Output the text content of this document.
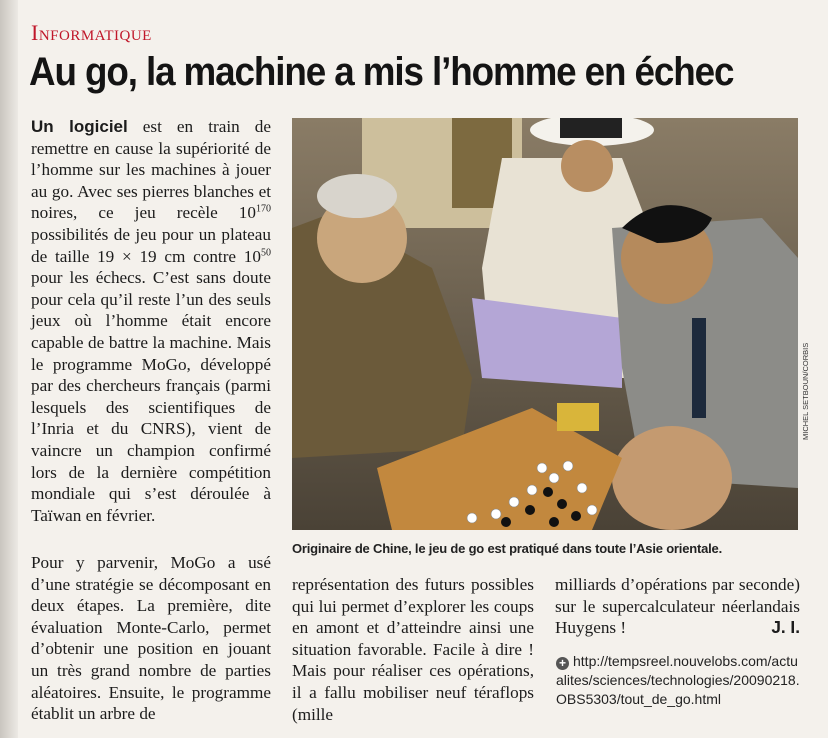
Informatique
Au go, la machine a mis l’homme en échec
Un logiciel est en train de remettre en cause la supériorité de l’homme sur les machines à jouer au go. Avec ses pierres blanches et noires, ce jeu recèle $10^{170}$ possibilités de jeu pour un plateau de taille 19 × 19 cm contre $10^{50}$ pour les échecs. C’est sans doute pour cela qu’il reste l’un des seuls jeux où l’homme était encore capable de battre la machine. Mais le programme MoGo, développé par des chercheurs français (parmi lesquels des scientifiques de l’Inria et du CNRS), vient de vaincre un champion confirmé lors de la dernière compétition mondiale qui s’est déroulée à Taïwan en février.
Pour y parvenir, MoGo a usé d’une stratégie se décomposant en deux étapes. La première, dite évaluation Monte-Carlo, permet d’obtenir une position en jouant un très grand nombre de parties aléatoires. Ensuite, le programme établit un arbre de
MICHEL SETBOUN/CORBIS
Originaire de Chine, le jeu de go est pratiqué dans toute l’Asie orientale.
représentation des futurs possibles qui lui permet d’explorer les coups en amont et d’atteindre ainsi une situation favorable. Facile à dire ! Mais pour réaliser ces opérations, il a fallu mobiliser neuf téraflops (mille
milliards d’opérations par seconde) sur le supercalculateur néerlandais Huygens !	J. I.
+ http://tempsreel.nouvelobs.com/actualites/sciences/technologies/20090218.OBS5303/tout_de_go.html
